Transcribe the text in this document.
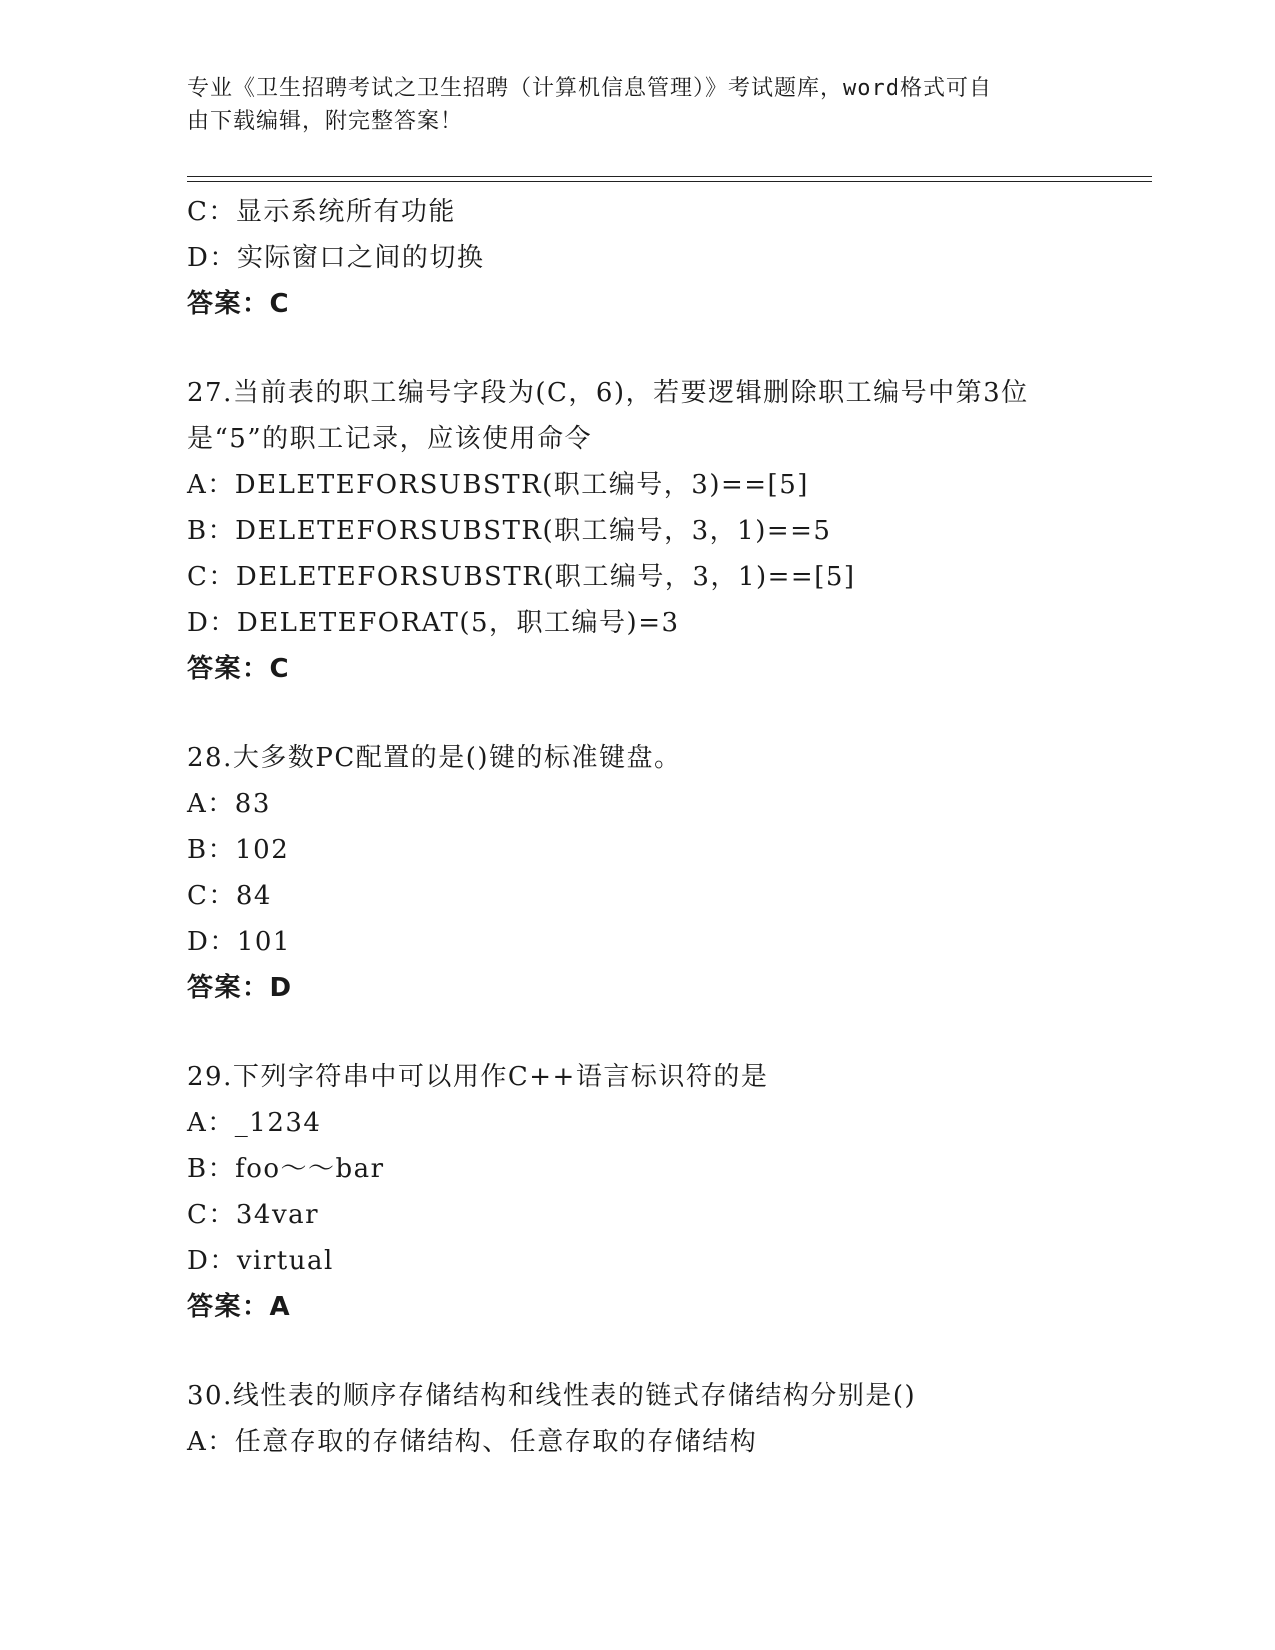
专业《卫生招聘考试之卫生招聘（计算机信息管理）》考试题库，word格式可自
由下载编辑，附完整答案！
C：显示系统所有功能
D：实际窗口之间的切换
答案：C
27.当前表的职工编号字段为(C，6)，若要逻辑删除职工编号中第3位
是“5”的职工记录，应该使用命令
A：DELETEFORSUBSTR(职工编号，3)==[5]
B：DELETEFORSUBSTR(职工编号，3，1)==5
C：DELETEFORSUBSTR(职工编号，3，1)==[5]
D：DELETEFORAT(5，职工编号)=3
答案：C
28.大多数PC配置的是()键的标准键盘。
A：83
B：102
C：84
D：101
答案：D
29.下列字符串中可以用作C++语言标识符的是
A：_1234
B：foo～～bar
C：34var
D：virtual
答案：A
30.线性表的顺序存储结构和线性表的链式存储结构分别是()
A：任意存取的存储结构、任意存取的存储结构
